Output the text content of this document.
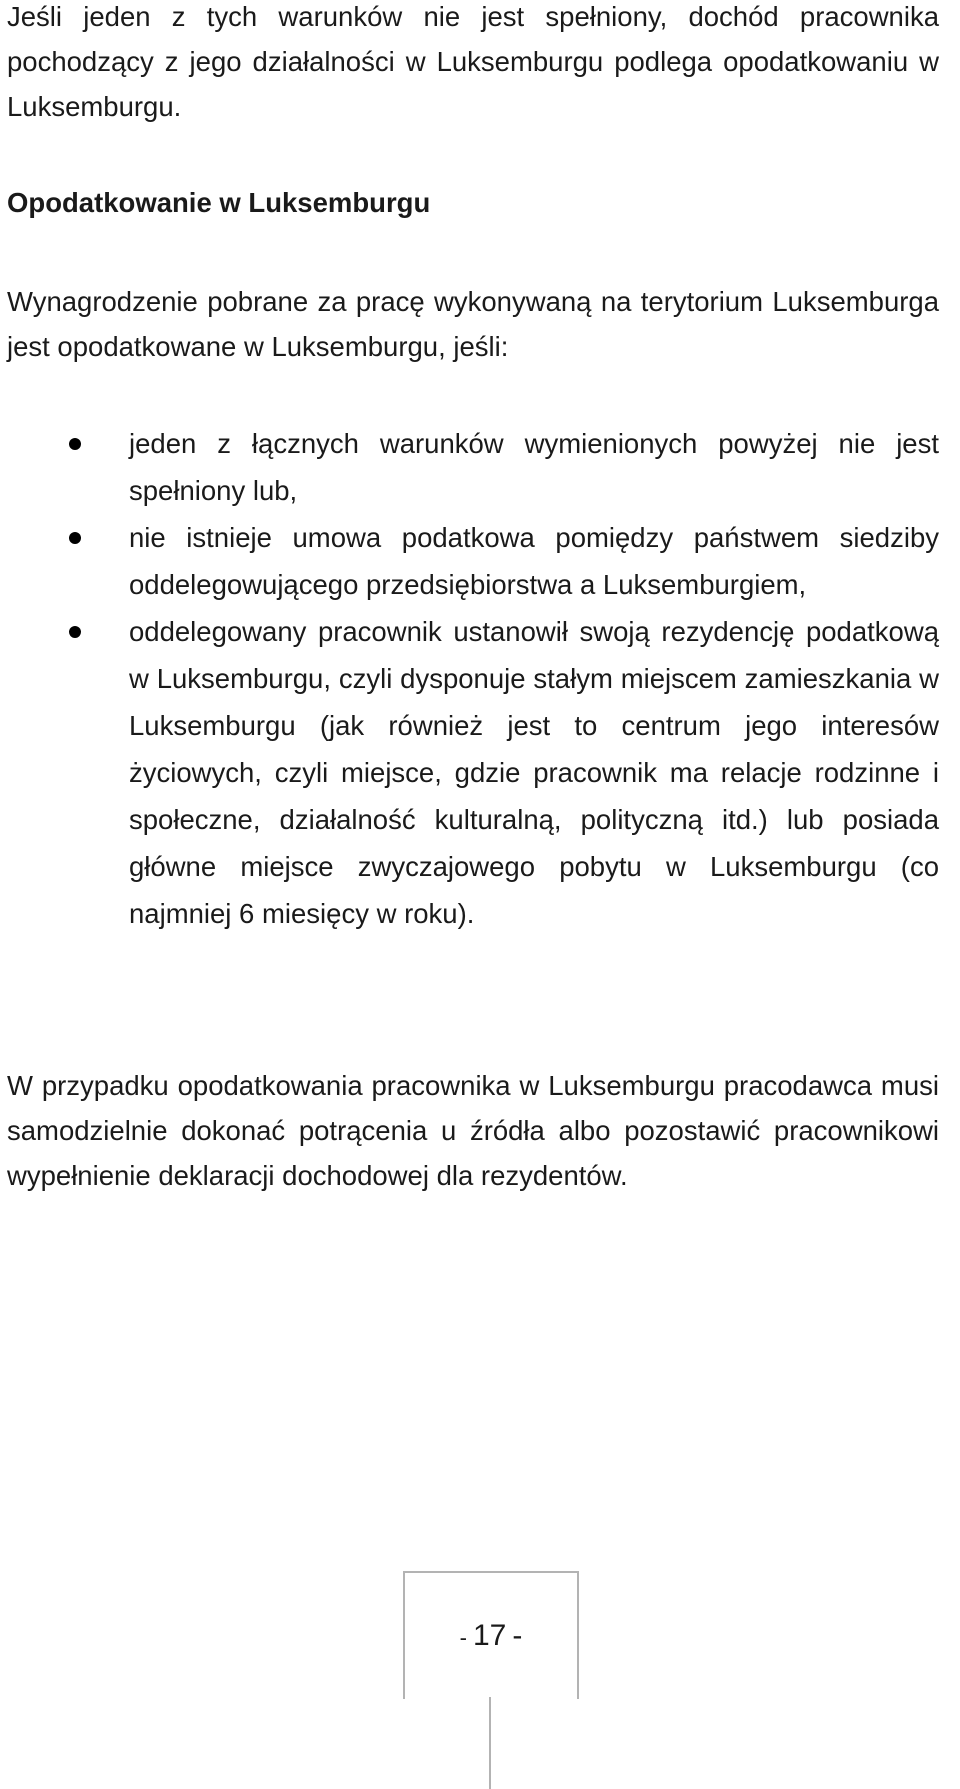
Jeśli jeden z tych warunków nie jest spełniony, dochód pracownika pochodzący z jego działalności w Luksemburgu podlega opodatkowaniu w Luksemburgu.

Opodatkowanie w Luksemburgu

Wynagrodzenie pobrane za pracę wykonywaną na terytorium Luksemburga jest opodatkowane w Luksemburgu, jeśli:

jeden z łącznych warunków wymienionych powyżej nie jest spełniony lub,
nie istnieje umowa podatkowa pomiędzy państwem siedziby oddelegowującego przedsiębiorstwa a Luksemburgiem,
oddelegowany pracownik ustanowił swoją rezydencję podatkową w Luksemburgu, czyli dysponuje stałym miejscem zamieszkania w Luksemburgu (jak również jest to centrum jego interesów życiowych, czyli miejsce, gdzie pracownik ma relacje rodzinne i społeczne, działalność kulturalną, polityczną itd.) lub posiada główne miejsce zwyczajowego pobytu w Luksemburgu (co najmniej 6 miesięcy w roku).

W przypadku opodatkowania pracownika w Luksemburgu pracodawca musi samodzielnie dokonać potrącenia u źródła albo pozostawić pracownikowi wypełnienie deklaracji dochodowej dla rezydentów.

- 17 -
